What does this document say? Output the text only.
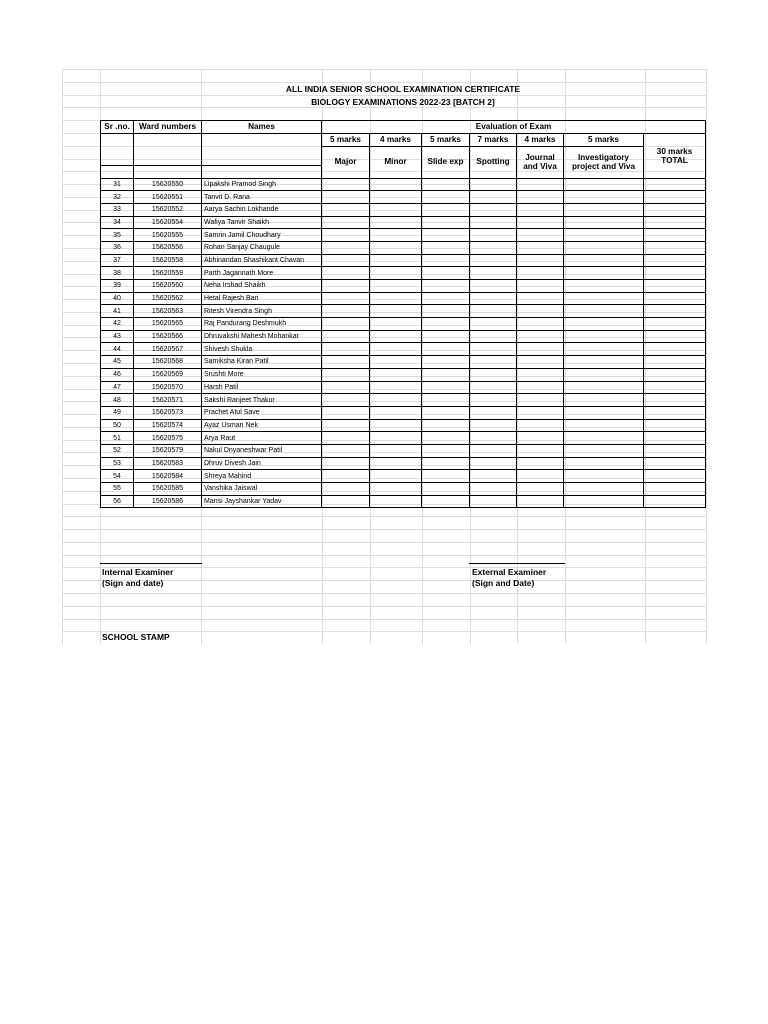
ALL INDIA SENIOR SCHOOL EXAMINATION CERTIFICATE
BIOLOGY EXAMINATIONS 2022-23 [BATCH 2]
Sr .no.	Ward numbers	Names	Evaluation of Exam						
			5 marks	4 marks	5 marks	7 marks	4 marks	5 marks	30 marks TOTAL
			Major	Minor	Slide exp	Spotting	Journal and Viva	Investigatory project and Viva	

31	15620550	Lipakshi Pramod Singh							
32	15620551	Tanvit D. Rana							
33	15620552	Aarya Sachin Lokhande							
34	15620554	Wafiya Tanvir Shaikh							
35	15620555	Samrin Jamil Choudhary							
36	15620556	Rohan Sanjay Chaugule							
37	15620558	Abhinandan Shashikant Chavan							
38	15620559	Parth Jagannath More							
39	15620560	Neha Irshad Shaikh							
40	15620562	Hetal Rajesh Bari							
41	15620563	Ritesh Virendra Singh							
42	15620565	Raj Pandurang Deshmukh							
43	15620566	Dhruvakshi Mahesh Mohankar							
44	15620567	Shivesh Shukla							
45	15620568	Samiksha Kiran Patil							
46	15620569	Srushti More							
47	15620570	Harsh Patil							
48	15620571	Sakshi Ranjeet Thakur							
49	15620573	Prachet Atul Save							
50	15620574	Ayaz Usman Nek							
51	15620575	Arya Raut							
52	15620579	Nakul Dnyaneshwar Patil							
53	15620583	Dhruv Divesh Jain							
54	15620584	Shreya Mahind							
55	15620585	Vanshika Jaiswal							
56	15620586	Mansi Jayshankar Yadav							
Internal Examiner
(Sign and date)
External Examiner
(Sign and Date)
SCHOOL STAMP
